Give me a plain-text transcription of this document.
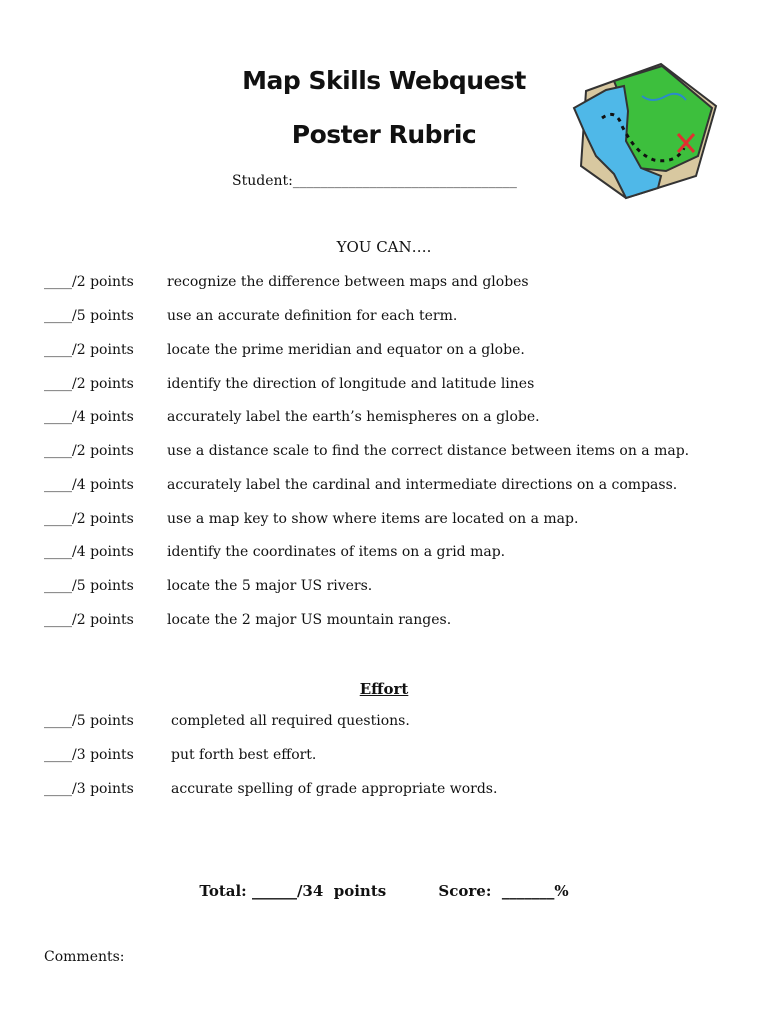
Map Skills Webquest
Poster Rubric
Student:________________________________
YOU CAN….
____/2 points recognize the difference between maps and globes
____/5 points use an accurate definition for each term.
____/2 points locate the prime meridian and equator on a globe.
____/2 points identify the direction of longitude and latitude lines
____/4 points accurately label the earth’s hemispheres on a globe.
____/2 points use a distance scale to find the correct distance between items on a map.
____/4 points accurately label the cardinal and intermediate directions on a compass.
____/2 points use a map key to show where items are located on a map.
____/4 points identify the coordinates of items on a grid map.
____/5 points locate the 5 major US rivers.
____/2 points locate the 2 major US mountain ranges.
Effort
____/5 points	completed all required questions.
____/3 points	put forth best effort.
____/3 points	accurate spelling of grade appropriate words.
Total: ______/34  points          Score:  _______%
Comments:
